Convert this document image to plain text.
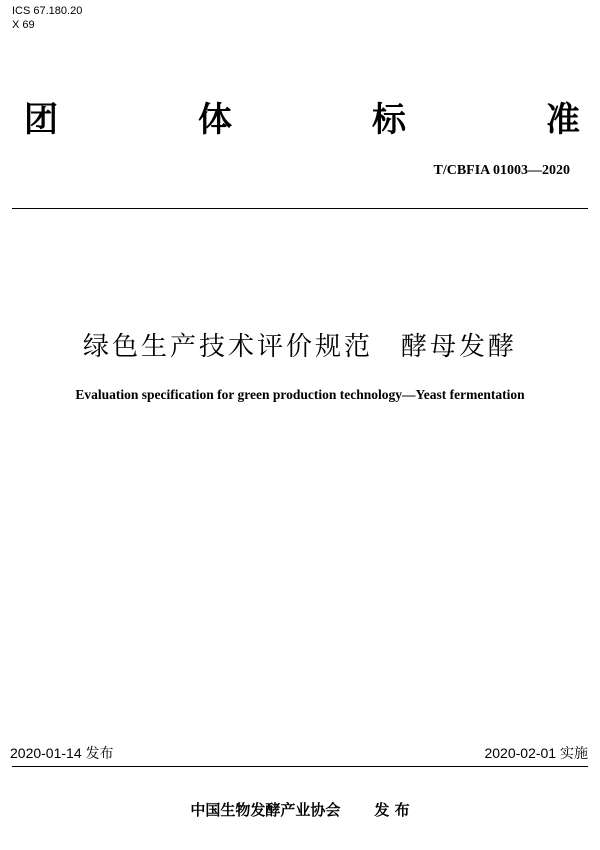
ICS 67.180.20
X 69
团	体	标	准
T/CBFIA 01003—2020
绿色生产技术评价规范 酵母发酵
Evaluation specification for green production technology—Yeast fermentation
2020-01-14 发布	2020-02-01 实施
中国生物发酵产业协会 发 布
